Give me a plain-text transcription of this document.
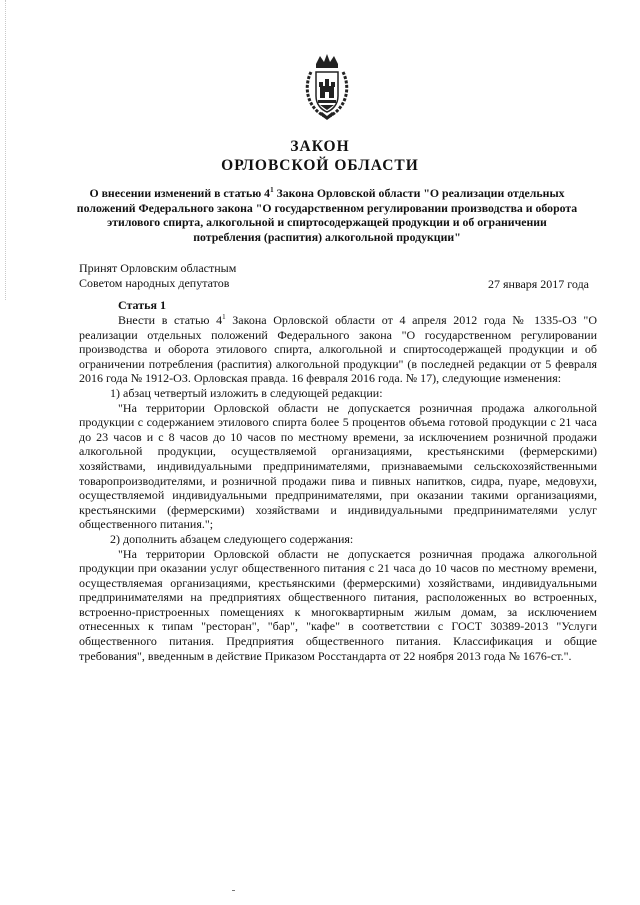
ЗАКОН
ОРЛОВСКОЙ ОБЛАСТИ
О внесении изменений в статью $4^1$ Закона Орловской области "О реализации отдельных положений Федерального закона "О государственном регулировании производства и оборота этилового спирта, алкогольной и спиртосодержащей продукции и об ограничении потребления (распития) алкогольной продукции"
Принят Орловским областным
Советом народных депутатов	27 января 2017 года
Статья 1

Внести в статью $4^1$ Закона Орловской области от 4 апреля 2012 года № 1335-ОЗ "О реализации отдельных положений Федерального закона "О государственном регулировании производства и оборота этилового спирта, алкогольной и спиртосодержащей продукции и об ограничении потребления (распития) алкогольной продукции" (в последней редакции от 5 февраля 2016 года № 1912-ОЗ. Орловская правда. 16 февраля 2016 года. № 17), следующие изменения:

1) абзац четвертый изложить в следующей редакции:

"На территории Орловской области не допускается розничная продажа алкогольной продукции с содержанием этилового спирта более 5 процентов объема готовой продукции с 21 часа до 23 часов и с 8 часов до 10 часов по местному времени, за исключением розничной продажи алкогольной продукции, осуществляемой организациями, крестьянскими (фермерскими) хозяйствами, индивидуальными предпринимателями, признаваемыми сельскохозяйственными товаропроизводителями, и розничной продажи пива и пивных напитков, сидра, пуаре, медовухи, осуществляемой индивидуальными предпринимателями, при оказании такими организациями, крестьянскими (фермерскими) хозяйствами и индивидуальными предпринимателями услуг общественного питания.";

2) дополнить абзацем следующего содержания:

"На территории Орловской области не допускается розничная продажа алкогольной продукции при оказании услуг общественного питания с 21 часа до 10 часов по местному времени, осуществляемая организациями, крестьянскими (фермерскими) хозяйствами, индивидуальными предпринимателями на предприятиях общественного питания, расположенных во встроенных, встроенно-пристроенных помещениях к многоквартирным жилым домам, за исключением отнесенных к типам "ресторан", "бар", "кафе" в соответствии с ГОСТ 30389-2013 "Услуги общественного питания. Предприятия общественного питания. Классификация и общие требования", введенным в действие Приказом Росстандарта от 22 ноября 2013 года № 1676-ст.".
